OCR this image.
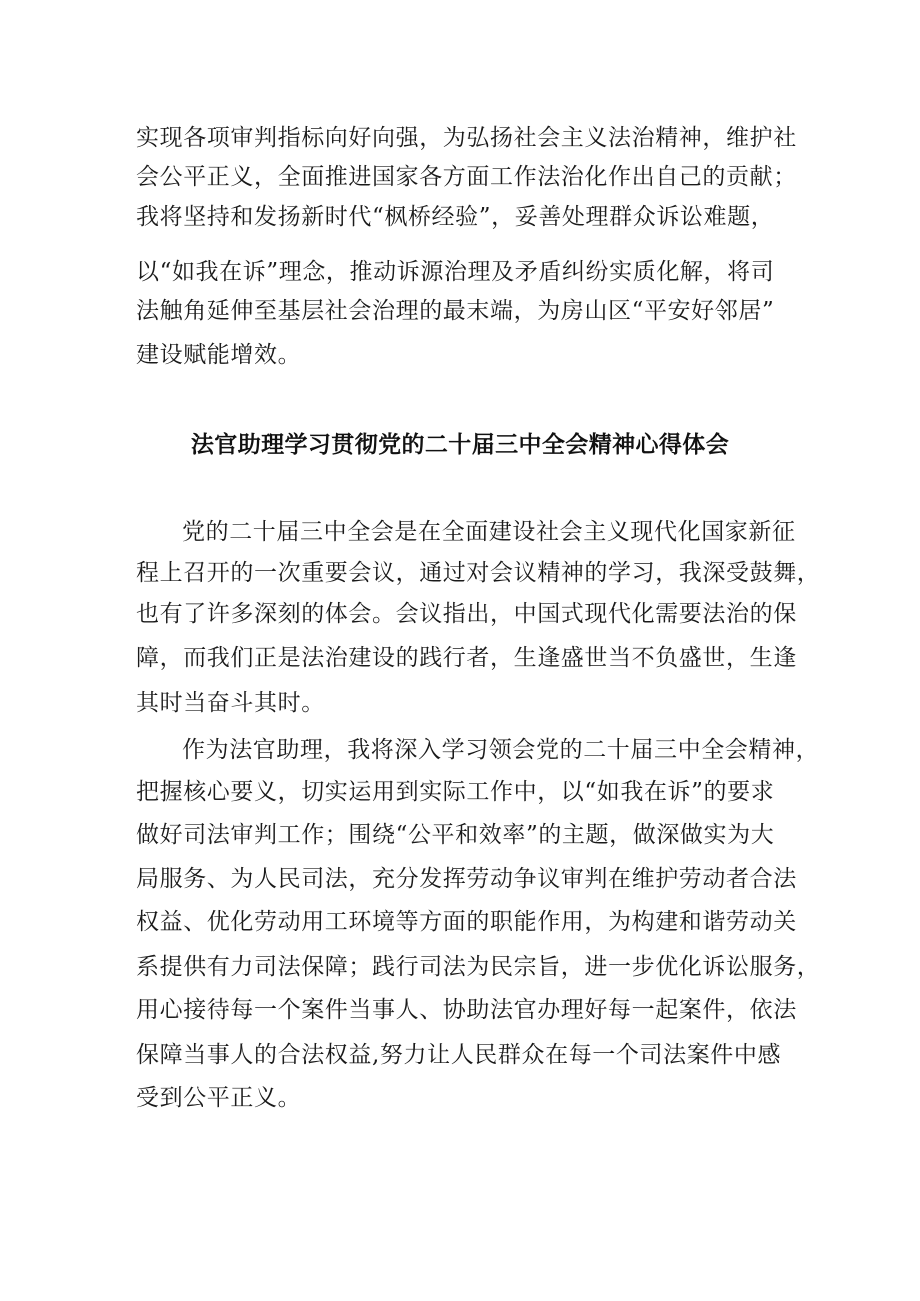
实现各项审判指标向好向强，为弘扬社会主义法治精神，维护社
会公平正义，全面推进国家各方面工作法治化作出自己的贡献；
我将坚持和发扬新时代“枫桥经验”，妥善处理群众诉讼难题，
以“如我在诉”理念，推动诉源治理及矛盾纠纷实质化解，将司
法触角延伸至基层社会治理的最末端，为房山区“平安好邻居”
建设赋能增效。
法官助理学习贯彻党的二十届三中全会精神心得体会
党的二十届三中全会是在全面建设社会主义现代化国家新征
程上召开的一次重要会议，通过对会议精神的学习，我深受鼓舞，
也有了许多深刻的体会。会议指出，中国式现代化需要法治的保
障，而我们正是法治建设的践行者，生逢盛世当不负盛世，生逢
其时当奋斗其时。
作为法官助理，我将深入学习领会党的二十届三中全会精神，
把握核心要义，切实运用到实际工作中，以“如我在诉”的要求
做好司法审判工作；围绕“公平和效率”的主题，做深做实为大
局服务、为人民司法，充分发挥劳动争议审判在维护劳动者合法
权益、优化劳动用工环境等方面的职能作用，为构建和谐劳动关
系提供有力司法保障；践行司法为民宗旨，进一步优化诉讼服务，
用心接待每一个案件当事人、协助法官办理好每一起案件，依法
保障当事人的合法权益,努力让人民群众在每一个司法案件中感
受到公平正义。
